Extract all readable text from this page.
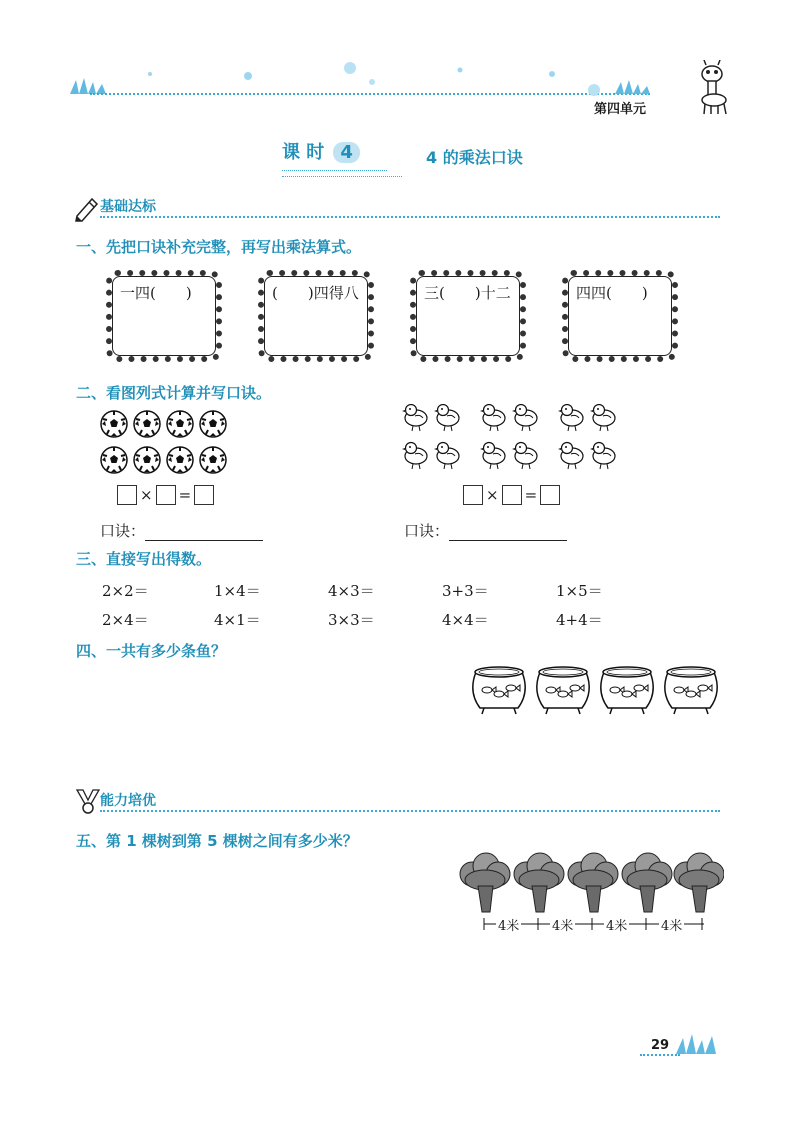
第四单元
课 时 4	4 的乘法口诀
基础达标
一、先把口诀补充完整，再写出乘法算式。
一四(　　)	(　　)四得八	三(　　)十二	四四(　　)
二、看图列式计算并写口诀。
× =
口诀：
× =
口诀：
三、直接写出得数。
2×2＝	1×4＝	4×3＝	3+3＝	1×5＝
2×4＝	4×1＝	3×3＝	4×4＝	4+4＝
四、一共有多少条鱼？
能力培优
五、第 1 棵树到第 5 棵树之间有多少米？
4米	4米	4米	4米
29
